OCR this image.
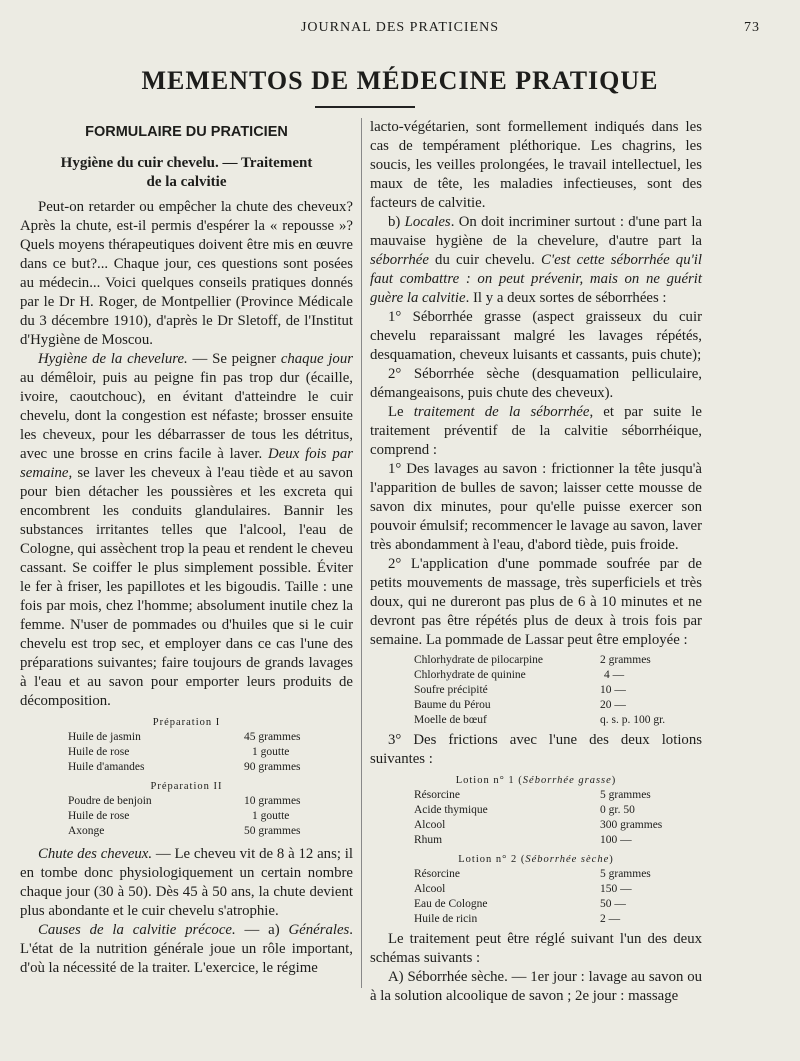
JOURNAL DES PRATICIENS	73
MEMENTOS DE MÉDECINE PRATIQUE
FORMULAIRE DU PRATICIEN
Hygiène du cuir chevelu. — Traitement
de la calvitie

Peut-on retarder ou empêcher la chute des cheveux? Après la chute, est-il permis d'espérer la « repousse »? Quels moyens thérapeutiques doivent être mis en œuvre dans ce but?... Chaque jour, ces questions sont posées au médecin... Voici quelques conseils pratiques donnés par le Dr H. Roger, de Montpellier (Province Médicale du 3 décembre 1910), d'après le Dr Sletoff, de l'Institut d'Hygiène de Moscou.

Hygiène de la chevelure. — Se peigner chaque jour au démêloir, puis au peigne fin pas trop dur (écaille, ivoire, caoutchouc), en évitant d'atteindre le cuir chevelu, dont la congestion est néfaste; brosser ensuite les cheveux, pour les débarrasser de tous les détritus, avec une brosse en crins facile à laver. Deux fois par semaine, se laver les cheveux à l'eau tiède et au savon pour bien détacher les poussières et les excreta qui encombrent les conduits glandulaires. Bannir les substances irritantes telles que l'alcool, l'eau de Cologne, qui assèchent trop la peau et rendent le cheveu cassant. Se coiffer le plus simplement possible. Éviter le fer à friser, les papillotes et les bigoudis. Taille : une fois par mois, chez l'homme; absolument inutile chez la femme. N'user de pommades ou d'huiles que si le cuir chevelu est trop sec, et employer dans ce cas l'une des préparations suivantes; faire toujours de grands lavages à l'eau et au savon pour emporter leurs produits de décomposition.

Préparation I
Huile de jasmin	45 grammes
Huile de rose	1 goutte
Huile d'amandes	90 grammes
Préparation II
Poudre de benjoin	10 grammes
Huile de rose	1 goutte
Axonge	50 grammes

Chute des cheveux. — Le cheveu vit de 8 à 12 ans; il en tombe donc physiologiquement un certain nombre chaque jour (30 à 50). Dès 45 à 50 ans, la chute devient plus abondante et le cuir chevelu s'atrophie.

Causes de la calvitie précoce. — a) Générales. L'état de la nutrition générale joue un rôle important, d'où la nécessité de la traiter. L'exercice, le régime

lacto-végétarien, sont formellement indiqués dans les cas de tempérament pléthorique. Les chagrins, les soucis, les veilles prolongées, le travail intellectuel, les maux de tête, les maladies infectieuses, sont des facteurs de calvitie.

b) Locales. On doit incriminer surtout : d'une part la mauvaise hygiène de la chevelure, d'autre part la séborrhée du cuir chevelu. C'est cette séborrhée qu'il faut combattre : on peut prévenir, mais on ne guérit guère la calvitie. Il y a deux sortes de séborrhées :

1° Séborrhée grasse (aspect graisseux du cuir chevelu reparaissant malgré les lavages répétés, desquamation, cheveux luisants et cassants, puis chute);

2° Séborrhée sèche (desquamation pelliculaire, démangeaisons, puis chute des cheveux).

Le traitement de la séborrhée, et par suite le traitement préventif de la calvitie séborrhéique, comprend :

1° Des lavages au savon : frictionner la tête jusqu'à l'apparition de bulles de savon; laisser cette mousse de savon dix minutes, pour qu'elle puisse exercer son pouvoir émulsif; recommencer le lavage au savon, laver très abondamment à l'eau, d'abord tiède, puis froide.

2° L'application d'une pommade soufrée par de petits mouvements de massage, très superficiels et très doux, qui ne dureront pas plus de 6 à 10 minutes et ne devront pas être répétés plus de deux à trois fois par semaine. La pommade de Lassar peut être employée :

Chlorhydrate de pilocarpine	2 grammes
Chlorhydrate de quinine	4 —
Soufre précipité	10 —
Baume du Pérou	20 —
Moelle de bœuf	q. s. p. 100 gr.

3° Des frictions avec l'une des deux lotions suivantes :

Lotion n° 1 (Séborrhée grasse)
Résorcine	5 grammes
Acide thymique	0 gr. 50
Alcool	300 grammes
Rhum	100 —
Lotion n° 2 (Séborrhée sèche)
Résorcine	5 grammes
Alcool	150 —
Eau de Cologne	50 —
Huile de ricin	2 —

Le traitement peut être réglé suivant l'un des deux schémas suivants :

A) Séborrhée sèche. — 1er jour : lavage au savon ou à la solution alcoolique de savon ; 2e jour : massage
